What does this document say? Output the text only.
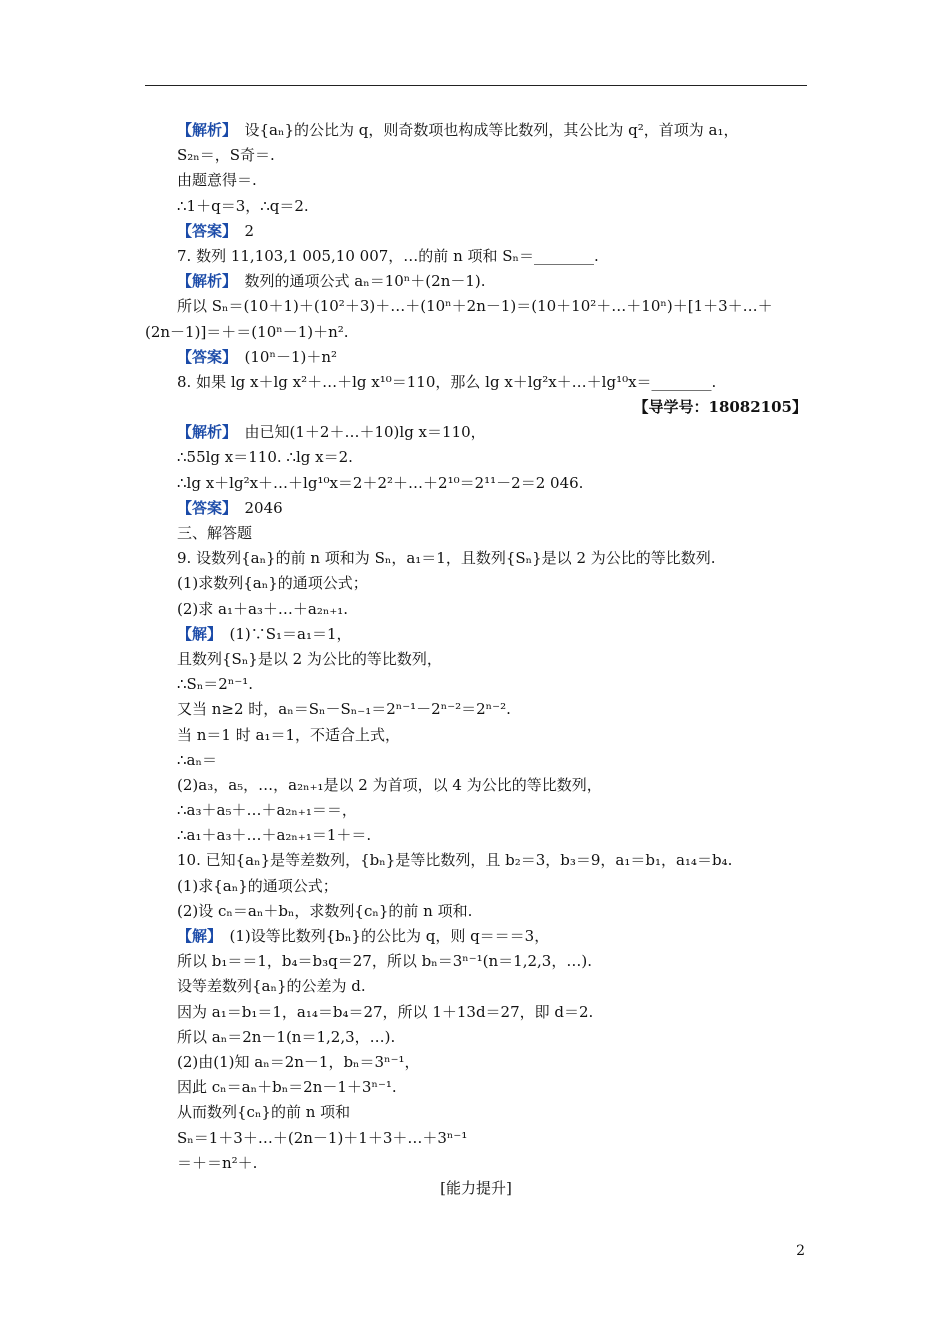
【解析】　设{aₙ}的公比为 q，则奇数项也构成等比数列，其公比为 q²，首项为 a₁，
S₂ₙ＝，S奇＝.
由题意得＝.
∴1＋q＝3，∴q＝2.
【答案】　2
7. 数列 11,103,1 005,10 007，…的前 n 项和 Sₙ＝________.
【解析】　数列的通项公式 aₙ＝10ⁿ＋(2n－1).
所以 Sₙ＝(10＋1)＋(10²＋3)＋…＋(10ⁿ＋2n－1)＝(10＋10²＋…＋10ⁿ)＋[1＋3＋…＋
(2n－1)]＝＋＝(10ⁿ－1)＋n².
【答案】　(10ⁿ－1)＋n²
8. 如果 lg x＋lg x²＋…＋lg x¹⁰＝110，那么 lg x＋lg²x＋…＋lg¹⁰x＝________.
【导学号：18082105】
【解析】　由已知(1＋2＋…＋10)lg x＝110，
∴55lg x＝110. ∴lg x＝2.
∴lg x＋lg²x＋…＋lg¹⁰x＝2＋2²＋…＋2¹⁰＝2¹¹－2＝2 046.
【答案】　2046
三、解答题
9. 设数列{aₙ}的前 n 项和为 Sₙ，a₁＝1，且数列{Sₙ}是以 2 为公比的等比数列.
(1)求数列{aₙ}的通项公式；
(2)求 a₁＋a₃＋…＋a₂ₙ₊₁.
【解】　(1)∵S₁＝a₁＝1，
且数列{Sₙ}是以 2 为公比的等比数列，
∴Sₙ＝2ⁿ⁻¹.
又当 n≥2 时，aₙ＝Sₙ－Sₙ₋₁＝2ⁿ⁻¹－2ⁿ⁻²＝2ⁿ⁻².
当 n＝1 时 a₁＝1，不适合上式，
∴aₙ＝
(2)a₃，a₅，…，a₂ₙ₊₁是以 2 为首项，以 4 为公比的等比数列，
∴a₃＋a₅＋…＋a₂ₙ₊₁＝＝，
∴a₁＋a₃＋…＋a₂ₙ₊₁＝1＋＝.
10. 已知{aₙ}是等差数列，{bₙ}是等比数列，且 b₂＝3，b₃＝9，a₁＝b₁，a₁₄＝b₄.
(1)求{aₙ}的通项公式；
(2)设 cₙ＝aₙ＋bₙ，求数列{cₙ}的前 n 项和.
【解】　(1)设等比数列{bₙ}的公比为 q，则 q＝＝＝3，
所以 b₁＝＝1，b₄＝b₃q＝27，所以 bₙ＝3ⁿ⁻¹(n＝1,2,3，…).
设等差数列{aₙ}的公差为 d.
因为 a₁＝b₁＝1，a₁₄＝b₄＝27，所以 1＋13d＝27，即 d＝2.
所以 aₙ＝2n－1(n＝1,2,3，…).
(2)由(1)知 aₙ＝2n－1，bₙ＝3ⁿ⁻¹，
因此 cₙ＝aₙ＋bₙ＝2n－1＋3ⁿ⁻¹.
从而数列{cₙ}的前 n 项和
Sₙ＝1＋3＋…＋(2n－1)＋1＋3＋…＋3ⁿ⁻¹
＝＋＝n²＋.
[能力提升]
2
